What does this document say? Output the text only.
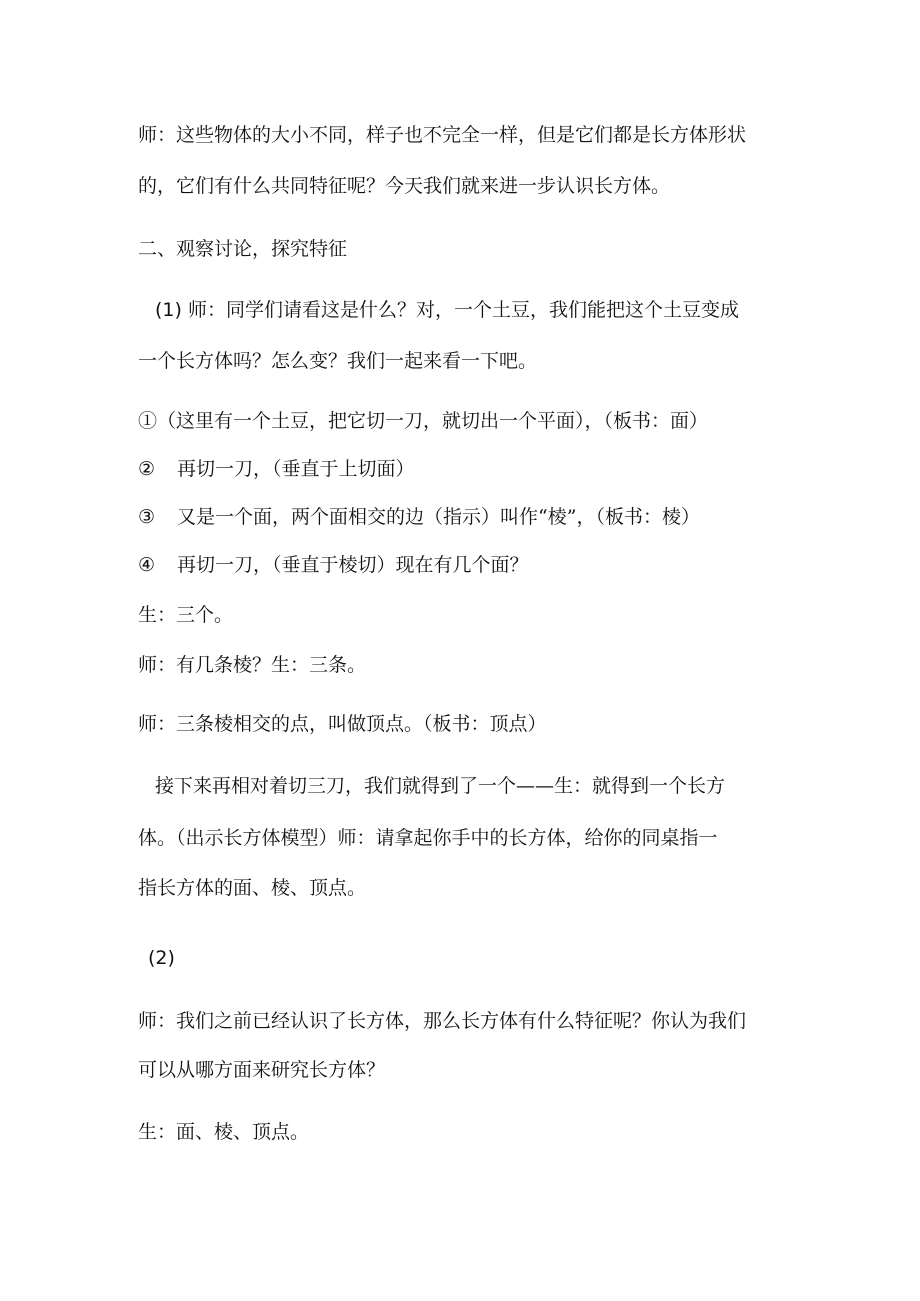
师：这些物体的大小不同，样子也不完全一样，但是它们都是长方体形状
的，它们有什么共同特征呢？今天我们就来进一步认识长方体。
二、观察讨论，探究特征
(1) 师：同学们请看这是什么？对，一个土豆，我们能把这个土豆变成
一个长方体吗？怎么变？我们一起来看一下吧。
①（这里有一个土豆，把它切一刀，就切出一个平面），（板书：面）
② 再切一刀，（垂直于上切面）
③ 又是一个面，两个面相交的边（指示）叫作“棱”，（板书：棱）
④ 再切一刀，（垂直于棱切）现在有几个面？
生：三个。
师：有几条棱？生：三条。
师：三条棱相交的点，叫做顶点。（板书：顶点）
接下来再相对着切三刀，我们就得到了一个——生：就得到一个长方
体。（出示长方体模型）师：请拿起你手中的长方体，给你的同桌指一
指长方体的面、棱、顶点。
(2)
师：我们之前已经认识了长方体，那么长方体有什么特征呢？你认为我们
可以从哪方面来研究长方体？
生：面、棱、顶点。
